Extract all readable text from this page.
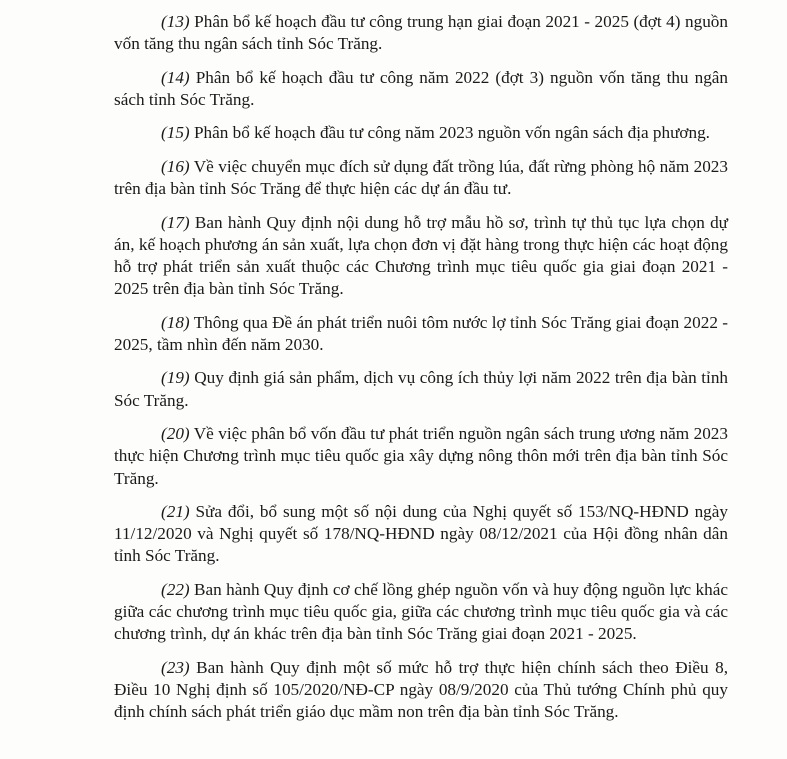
(13) Phân bổ kế hoạch đầu tư công trung hạn giai đoạn 2021 - 2025 (đợt 4) nguồn vốn tăng thu ngân sách tỉnh Sóc Trăng.

(14) Phân bổ kế hoạch đầu tư công năm 2022 (đợt 3) nguồn vốn tăng thu ngân sách tỉnh Sóc Trăng.

(15) Phân bổ kế hoạch đầu tư công năm 2023 nguồn vốn ngân sách địa phương.

(16) Về việc chuyển mục đích sử dụng đất trồng lúa, đất rừng phòng hộ năm 2023 trên địa bàn tỉnh Sóc Trăng để thực hiện các dự án đầu tư.

(17) Ban hành Quy định nội dung hỗ trợ mẫu hồ sơ, trình tự thủ tục lựa chọn dự án, kế hoạch phương án sản xuất, lựa chọn đơn vị đặt hàng trong thực hiện các hoạt động hỗ trợ phát triển sản xuất thuộc các Chương trình mục tiêu quốc gia giai đoạn 2021 - 2025 trên địa bàn tỉnh Sóc Trăng.

(18) Thông qua Đề án phát triển nuôi tôm nước lợ tỉnh Sóc Trăng giai đoạn 2022 - 2025, tầm nhìn đến năm 2030.

(19) Quy định giá sản phẩm, dịch vụ công ích thủy lợi năm 2022 trên địa bàn tỉnh Sóc Trăng.

(20) Về việc phân bổ vốn đầu tư phát triển nguồn ngân sách trung ương năm 2023 thực hiện Chương trình mục tiêu quốc gia xây dựng nông thôn mới trên địa bàn tỉnh Sóc Trăng.

(21) Sửa đổi, bổ sung một số nội dung của Nghị quyết số 153/NQ-HĐND ngày 11/12/2020 và Nghị quyết số 178/NQ-HĐND ngày 08/12/2021 của Hội đồng nhân dân tỉnh Sóc Trăng.

(22) Ban hành Quy định cơ chế lồng ghép nguồn vốn và huy động nguồn lực khác giữa các chương trình mục tiêu quốc gia, giữa các chương trình mục tiêu quốc gia và các chương trình, dự án khác trên địa bàn tỉnh Sóc Trăng giai đoạn 2021 - 2025.

(23) Ban hành Quy định một số mức hỗ trợ thực hiện chính sách theo Điều 8, Điều 10 Nghị định số 105/2020/NĐ-CP ngày 08/9/2020 của Thủ tướng Chính phủ quy định chính sách phát triển giáo dục mầm non trên địa bàn tỉnh Sóc Trăng.
